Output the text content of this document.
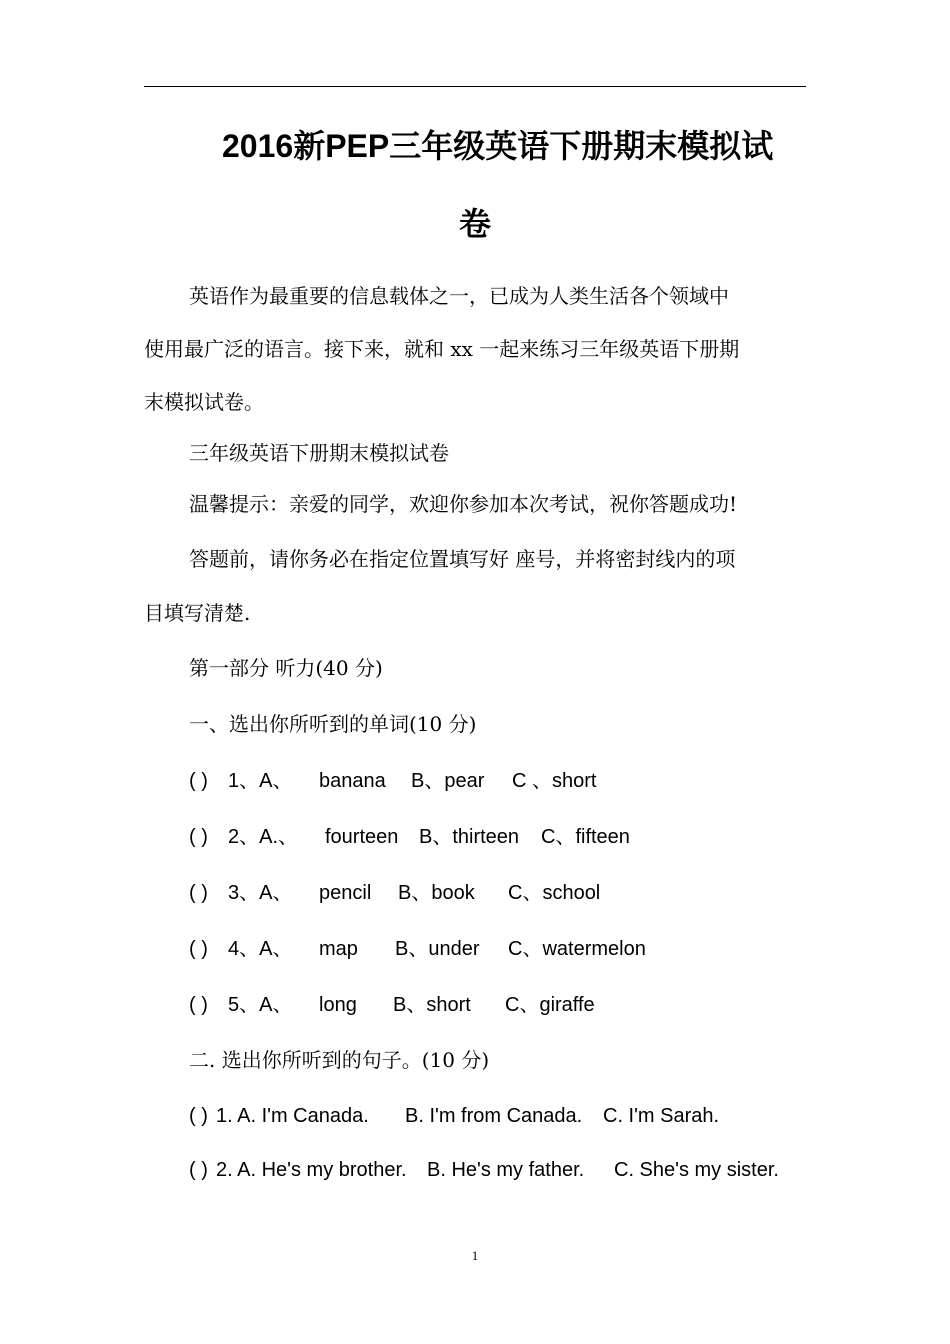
2016新PEP三年级英语下册期末模拟试
卷
英语作为最重要的信息载体之一，已成为人类生活各个领域中
使用最广泛的语言。接下来，就和 xx 一起来练习三年级英语下册期
末模拟试卷。
三年级英语下册期末模拟试卷
温馨提示：亲爱的同学，欢迎你参加本次考试，祝你答题成功!
答题前，请你务必在指定位置填写好 座号，并将密封线内的项
目填写清楚.
第一部分 听力(40 分)
一、选出你所听到的单词(10 分)
( ) 1、A、 banana B、pear C 、short
( ) 2、A.、 fourteen B、thirteen C、fifteen
( ) 3、A、 pencil B、book C、school
( ) 4、A、 map B、under C、watermelon
( ) 5、A、 long B、short C、giraffe
二. 选出你所听到的句子。(10 分)
( ) 1. A. I'm Canada. B. I'm from Canada. C. I'm Sarah.
( ) 2. A. He's my brother. B. He's my father. C. She's my sister.
1
